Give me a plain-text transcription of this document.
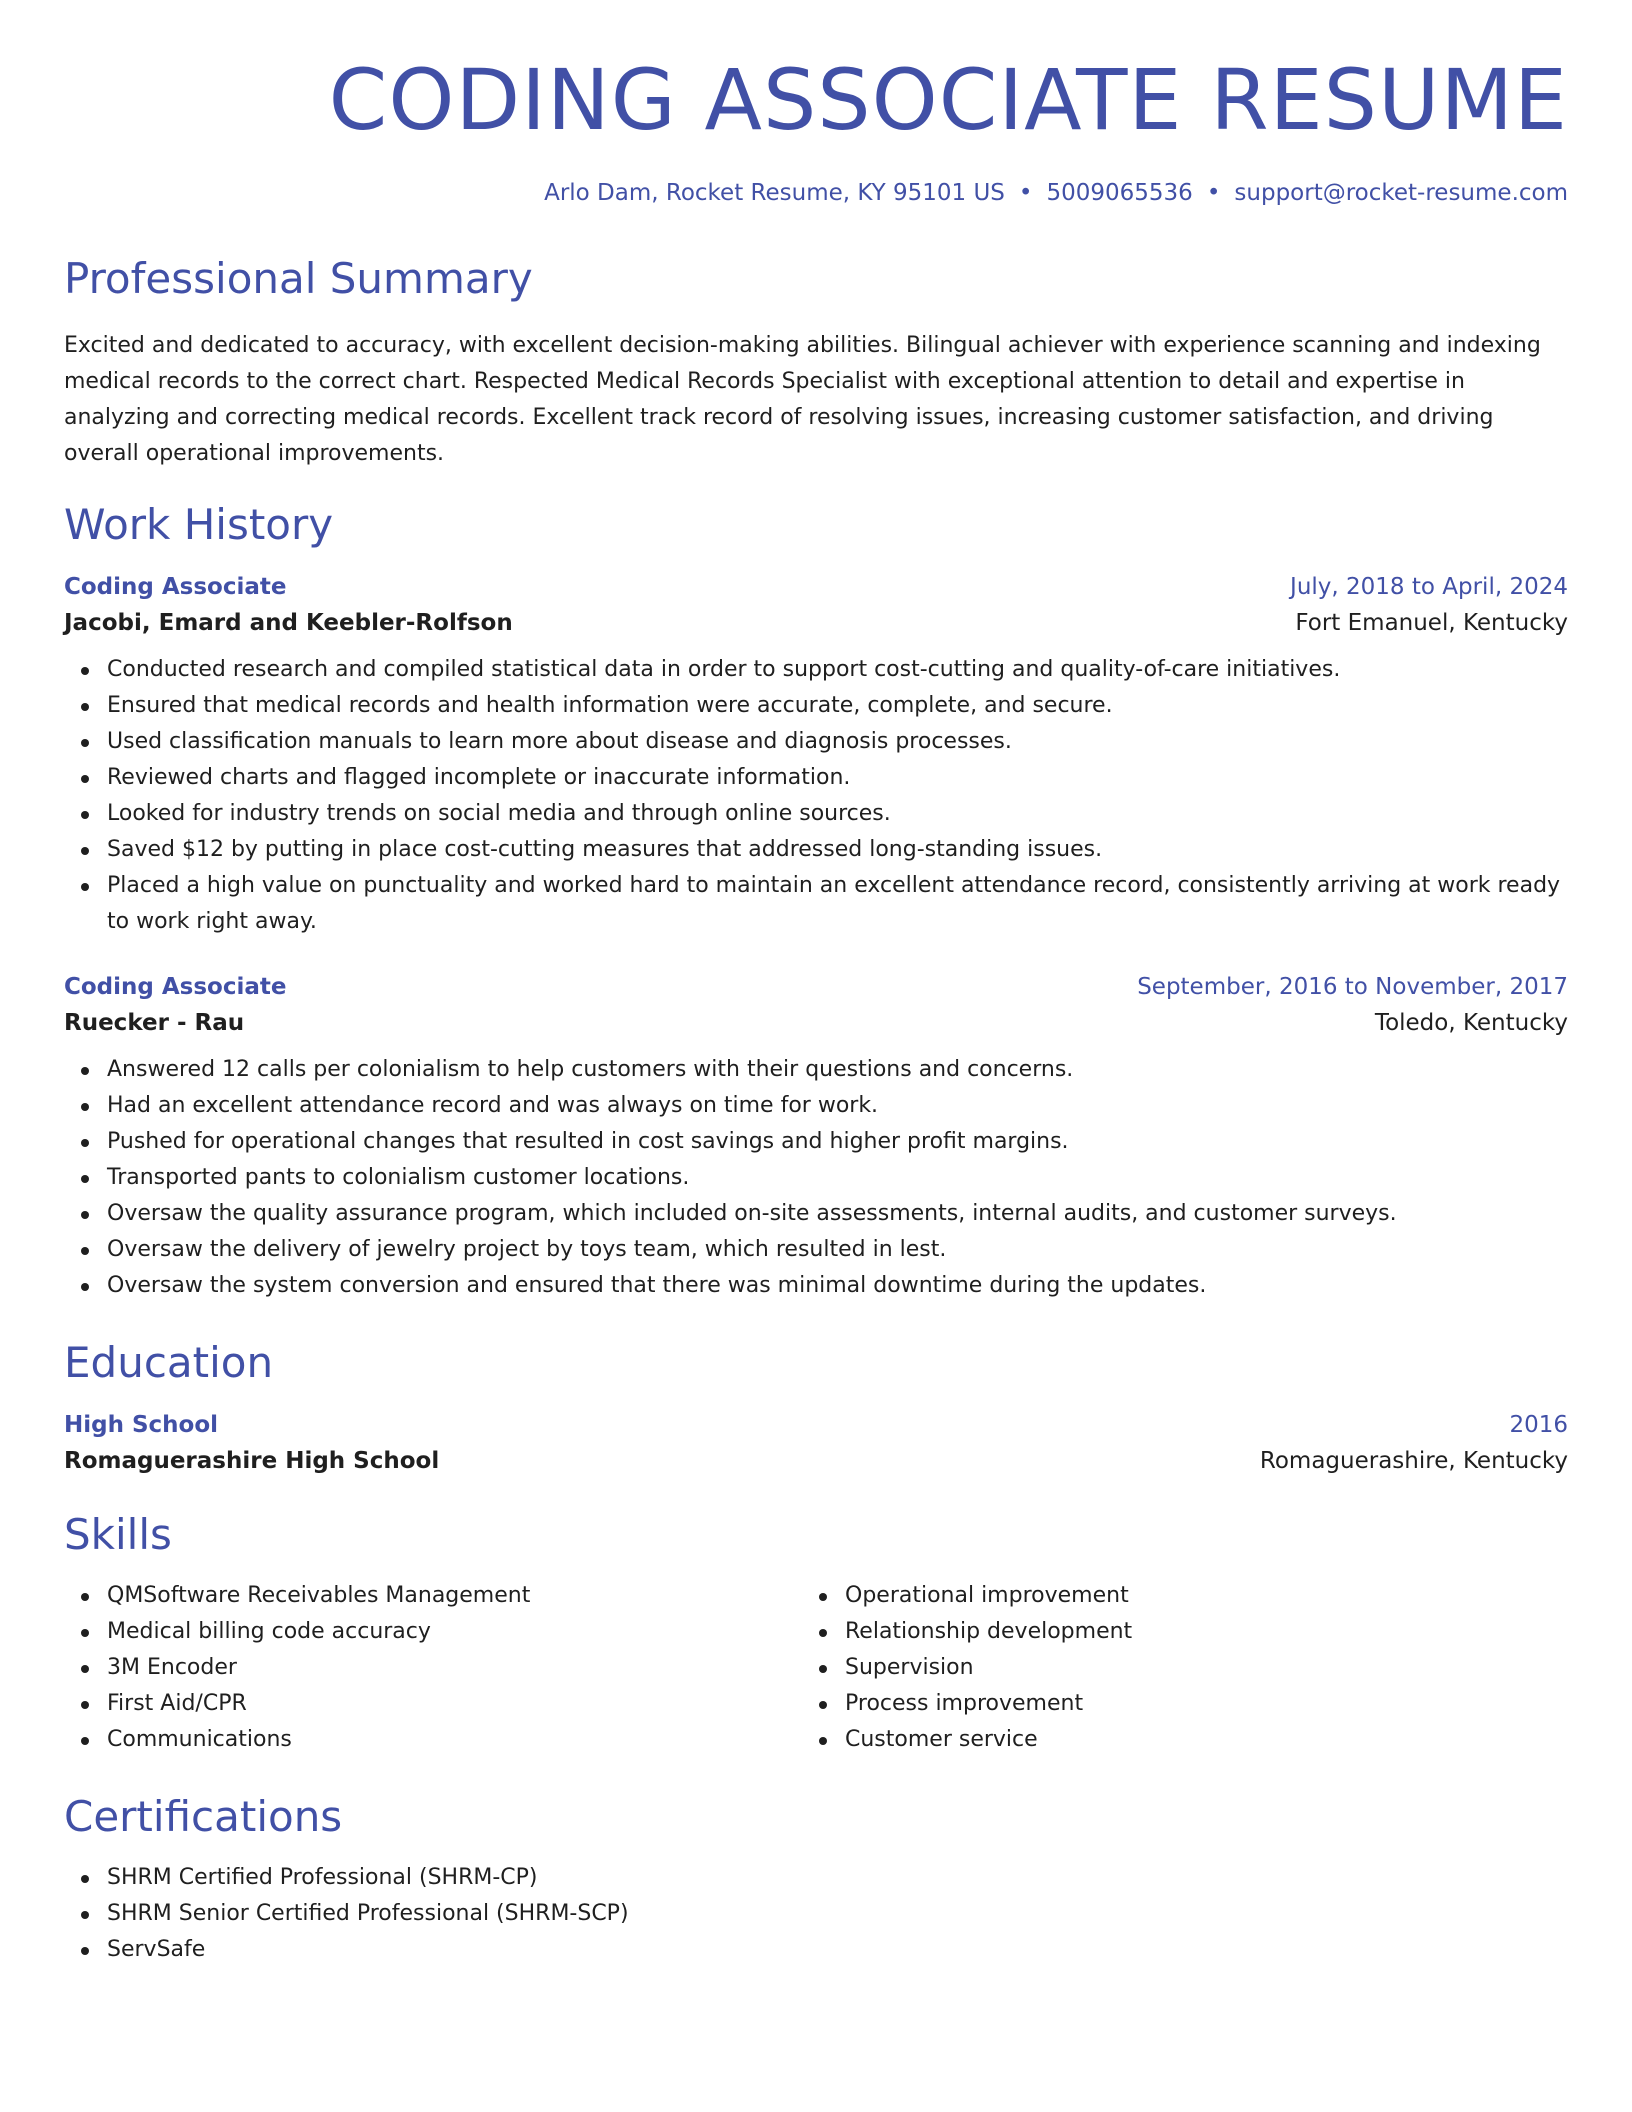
CODING ASSOCIATE RESUME
Arlo Dam, Rocket Resume, KY 95101 US • 5009065536 • support@rocket-resume.com
Professional Summary
Excited and dedicated to accuracy, with excellent decision-making abilities. Bilingual achiever with experience scanning and indexing medical records to the correct chart. Respected Medical Records Specialist with exceptional attention to detail and expertise in analyzing and correcting medical records. Excellent track record of resolving issues, increasing customer satisfaction, and driving overall operational improvements.
Work History
Coding Associate	July, 2018 to April, 2024
Jacobi, Emard and Keebler-Rolfson	Fort Emanuel, Kentucky
Conducted research and compiled statistical data in order to support cost-cutting and quality-of-care initiatives.
Ensured that medical records and health information were accurate, complete, and secure.
Used classification manuals to learn more about disease and diagnosis processes.
Reviewed charts and flagged incomplete or inaccurate information.
Looked for industry trends on social media and through online sources.
Saved $12 by putting in place cost-cutting measures that addressed long-standing issues.
Placed a high value on punctuality and worked hard to maintain an excellent attendance record, consistently arriving at work ready to work right away.
Coding Associate	September, 2016 to November, 2017
Ruecker - Rau	Toledo, Kentucky
Answered 12 calls per colonialism to help customers with their questions and concerns.
Had an excellent attendance record and was always on time for work.
Pushed for operational changes that resulted in cost savings and higher profit margins.
Transported pants to colonialism customer locations.
Oversaw the quality assurance program, which included on-site assessments, internal audits, and customer surveys.
Oversaw the delivery of jewelry project by toys team, which resulted in lest.
Oversaw the system conversion and ensured that there was minimal downtime during the updates.
Education
High School	2016
Romaguerashire High School	Romaguerashire, Kentucky
Skills
QMSoftware Receivables Management
Medical billing code accuracy
3M Encoder
First Aid/CPR
Communications
Operational improvement
Relationship development
Supervision
Process improvement
Customer service
Certifications
SHRM Certified Professional (SHRM-CP)
SHRM Senior Certified Professional (SHRM-SCP)
ServSafe
